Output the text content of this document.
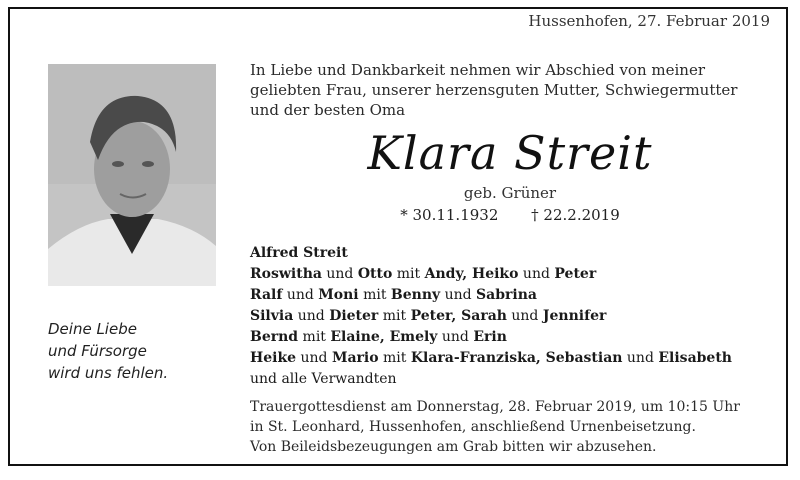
Hussenhofen, 27. Februar 2019
Deine Liebe
und Fürsorge
wird uns fehlen.
In Liebe und Dankbarkeit nehmen wir Abschied von meiner
geliebten Frau, unserer herzensguten Mutter, Schwiegermutter
und der besten Oma
Klara Streit
geb. Grüner
* 30.11.1932 † 22.2.2019
Alfred Streit
Roswitha und Otto mit Andy, Heiko und Peter
Ralf und Moni mit Benny und Sabrina
Silvia und Dieter mit Peter, Sarah und Jennifer
Bernd mit Elaine, Emely und Erin
Heike und Mario mit Klara-Franziska, Sebastian und Elisabeth
und alle Verwandten
Trauergottesdienst am Donnerstag, 28. Februar 2019, um 10:15 Uhr
in St. Leonhard, Hussenhofen, anschließend Urnenbeisetzung.
Von Beileidsbezeugungen am Grab bitten wir abzusehen.
